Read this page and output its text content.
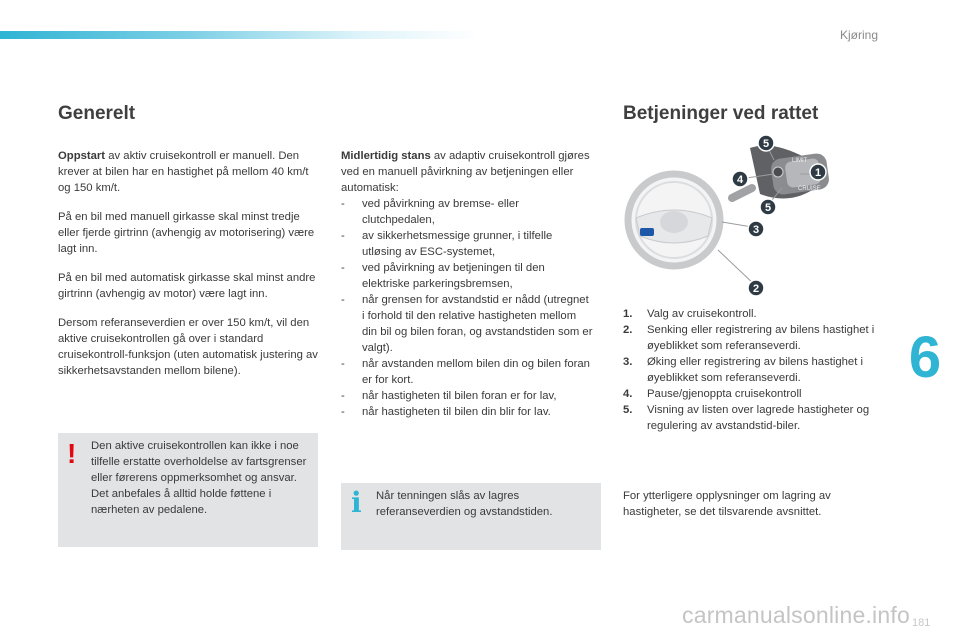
Kjøring
Generelt

Oppstart av aktiv cruisekontroll er manuell. Den krever at bilen har en hastighet på mellom 40 km/t og 150 km/t.

På en bil med manuell girkasse skal minst tredje eller fjerde girtrinn (avhengig av motorisering) være lagt inn.

På en bil med automatisk girkasse skal minst andre girtrinn (avhengig av motor) være lagt inn.

Dersom referanseverdien er over 150 km/t, vil den aktive cruisekontrollen gå over i standard cruisekontroll-funksjon (uten automatisk justering av sikkerhetsavstanden mellom bilene).

! Den aktive cruisekontrollen kan ikke i noe tilfelle erstatte overholdelse av fartsgrenser eller førerens oppmerksomhet og ansvar.
Det anbefales å alltid holde føttene i nærheten av pedalene.
Midlertidig stans av adaptiv cruisekontroll gjøres ved en manuell påvirkning av betjeningen eller automatisk:
- ved påvirkning av bremse- eller clutchpedalen,
- av sikkerhetsmessige grunner, i tilfelle utløsing av ESC-systemet,
- ved påvirkning av betjeningen til den elektriske parkeringsbremsen,
- når grensen for avstandstid er nådd (utregnet i forhold til den relative hastigheten mellom din bil og bilen foran, og avstandstiden som er valgt).
- når avstanden mellom bilen din og bilen foran er for kort.
- når hastigheten til bilen foran er for lav,
- når hastigheten til bilen din blir for lav.
i Når tenningen slås av lagres referanseverdien og avstandstiden.
Betjeninger ved rattet
LIMIT
CRUISE
5
1
4
5
3
2
1. Valg av cruisekontroll.
2. Senking eller registrering av bilens hastighet i øyeblikket som referanseverdi.
3. Øking eller registrering av bilens hastighet i øyeblikket som referanseverdi.
4. Pause/gjenoppta cruisekontroll
5. Visning av listen over lagrede hastigheter og regulering av avstandstid-biler.
For ytterligere opplysninger om lagring av hastigheter, se det tilsvarende avsnittet.
6
carmanualsonline.info 181
